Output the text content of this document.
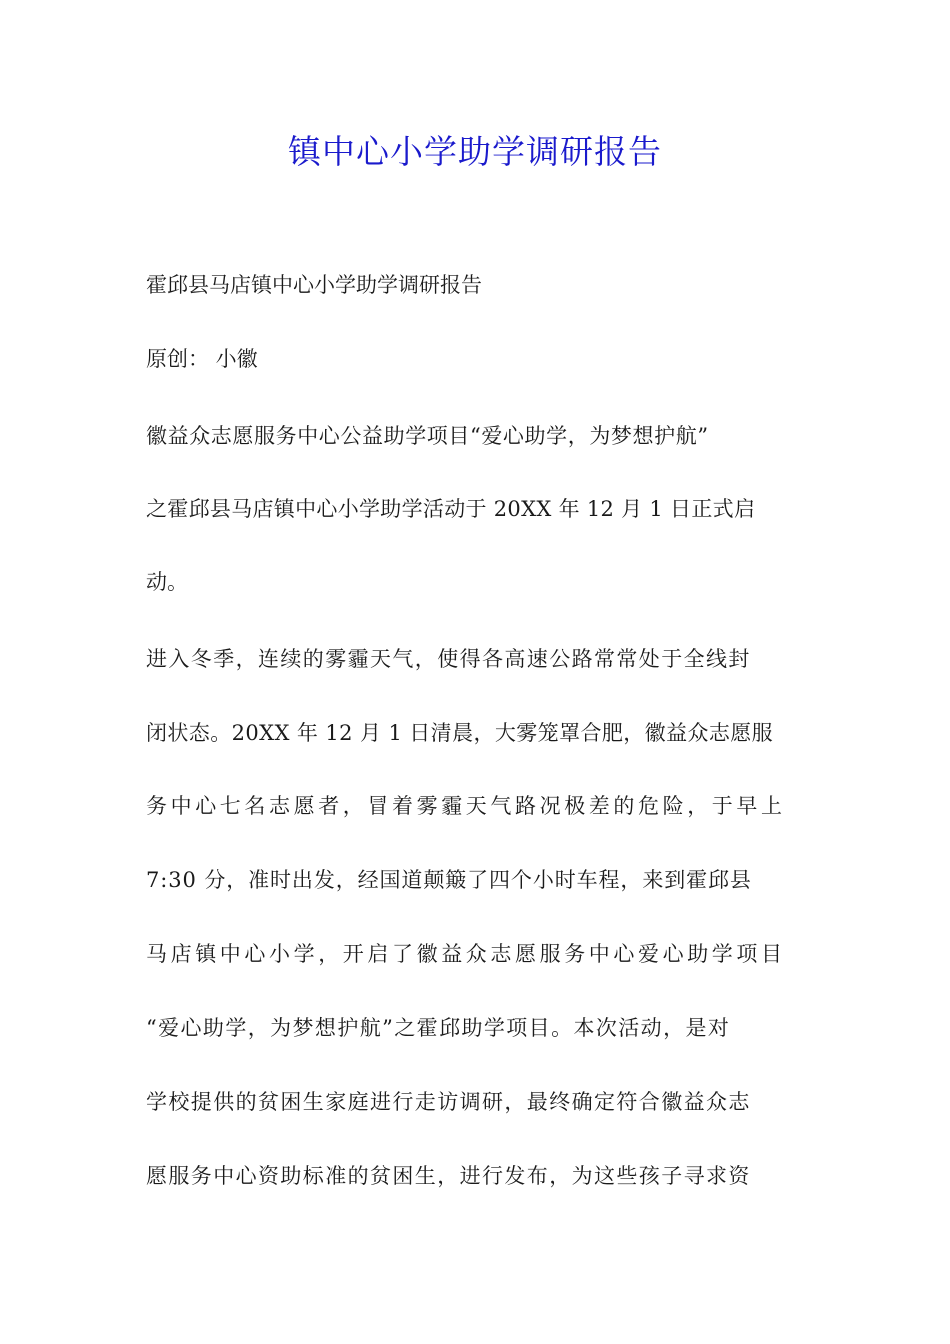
镇中心小学助学调研报告
霍邱县马店镇中心小学助学调研报告
原创： 小徽
徽益众志愿服务中心公益助学项目“爱心助学，为梦想护航”
之霍邱县马店镇中心小学助学活动于 20XX 年 12 月 1 日正式启
动。
进入冬季，连续的雾霾天气，使得各高速公路常常处于全线封
闭状态。20XX 年 12 月 1 日清晨，大雾笼罩合肥，徽益众志愿服
务中心七名志愿者，冒着雾霾天气路况极差的危险，于早上
7:30 分，准时出发，经国道颠簸了四个小时车程，来到霍邱县
马店镇中心小学，开启了徽益众志愿服务中心爱心助学项目
“爱心助学，为梦想护航”之霍邱助学项目。本次活动，是对
学校提供的贫困生家庭进行走访调研，最终确定符合徽益众志
愿服务中心资助标准的贫困生，进行发布，为这些孩子寻求资
